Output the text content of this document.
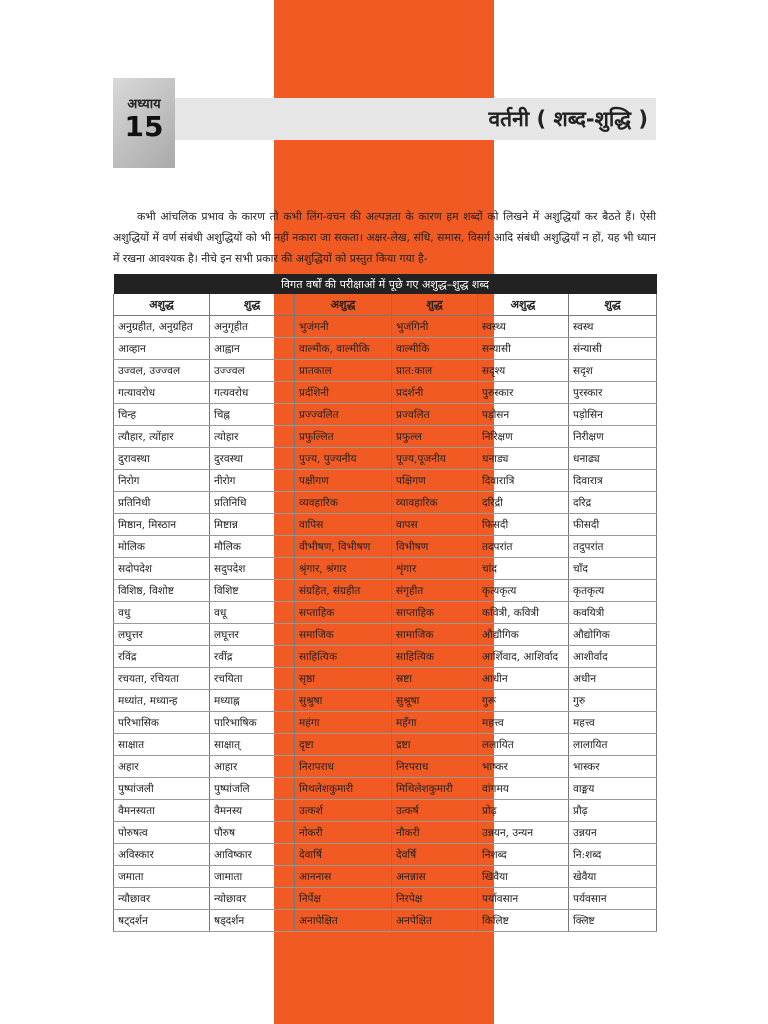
अध्याय
15	वर्तनी ( शब्द-शुद्धि )
कभी आंचलिक प्रभाव के कारण तो कभी लिंग-वचन की अल्पज्ञता के कारण हम शब्दों को लिखने में अशुद्धियाँ कर बैठते हैं। ऐसी अशुद्धियों में वर्ण संबंधी अशुद्धियों को भी नहीं नकारा जा सकता। अक्षर-लेख, संधि, समास, विसर्ग आदि संबंधी अशुद्धियाँ न हों, यह भी ध्यान में रखना आवश्यक है। नीचे इन सभी प्रकार की अशुद्धियों को प्रस्तुत किया गया है-
विगत वर्षों की परीक्षाओं में पूछे गए अशुद्ध–शुद्ध शब्द					
अशुद्ध	शुद्ध	अशुद्ध	शुद्ध	अशुद्ध	शुद्ध
अनुग्रहीत, अनुग्रहित	अनुगृहीत	भुजंगनी	भुजंगिनी	स्वस्थ्य	स्वस्थ
आव्हान	आह्वान	वाल्मीक, वाल्मीकि	वाल्मीकि	सन्यासी	संन्यासी
उज्वल, उज्ज्वल	उज्ज्वल	प्रातकाल	प्रात:काल	सदृश्य	सदृश
गत्यावरोध	गत्यवरोध	प्रर्दशिनी	प्रदर्शनी	पुरुस्कार	पुरस्कार
चिन्ह	चिह्न	प्रज्ज्वलित	प्रज्वलित	पड़ोसन	पड़ोसिन
त्यौहार, त्योंहार	त्योहार	प्रफुल्लित	प्रफुल्ल	निरिक्षण	निरीक्षण
दुरावस्था	दुरवस्था	पुज्य, पुज्यनीय	पूज्य,पूजनीय	धनाड्य	धनाढ्य
निरोग	नीरोग	पक्षीगण	पक्षिगण	दिवारात्रि	दिवारात्र
प्रतिनिधी	प्रतिनिधि	व्यवहारिक	व्यावहारिक	दरिद्री	दरिद्र
मिष्ठान, मिस्ठान	मिष्टान्न	वापिस	वापस	फिसदी	फीसदी
मोलिक	मौलिक	वीभीषण, विभीषण	विभीषण	तदपरांत	तदुपरांत
सदोपदेश	सदुपदेश	श्रृंगार, श्रंगार	शृंगार	चांद	चाँद
विशिष्ठ, विशोष्ट	विशिष्ट	संग्रहित, संग्रहीत	संगृहीत	कृत्यकृत्य	कृतकृत्य
वधु	वधू	सप्ताहिक	साप्ताहिक	कवित्री, कवित्री	कवयित्री
लघुत्तर	लघूत्तर	समाजिक	सामाजिक	औद्यौगिक	औद्योगिक
रविंद्र	रवींद्र	साहित्यिक	साहित्यिक	आर्शिवाद, आशिर्वाद	आशीर्वाद
रचयता, रचियता	रचयिता	सृष्ठा	स्रष्टा	आधीन	अधीन
मध्यांत, मध्यान्ह	मध्याह्न	सुश्रुषा	सुश्रूषा	गुरू	गुरु
परिभासिक	पारिभाषिक	महंगा	महँगा	महत्त्व	महत्त्व
साक्षात	साक्षात्	दृष्टा	द्रष्टा	ललायित	लालायित
अहार	आहार	निरापराध	निरपराध	भाष्कर	भास्कर
पुष्पांजली	पुष्पांजलि	मिथलेशकुमारी	मिथिलेशकुमारी	वांगमय	वाङ्मय
वैमनस्यता	वैमनस्य	उत्कर्श	उत्कर्ष	प्रोढ़	प्रौढ़
पोरुषत्व	पौरुष	नोकरी	नौकरी	उन्नयन, उन्यन	उन्नयन
अविस्कार	आविष्कार	देवार्षि	देवर्षि	निशब्द	नि:शब्द
जमाता	जामाता	आननास	अनन्नास	खिवैया	खेवैया
न्यौछावर	न्योछावर	निर्पेक्ष	निरपेक्ष	पर्यावसान	पर्यवसान
षट्दर्शन	षड्दर्शन	अनापेक्षित	अनपेक्षित	किलिष्ट	क्लिष्ट
